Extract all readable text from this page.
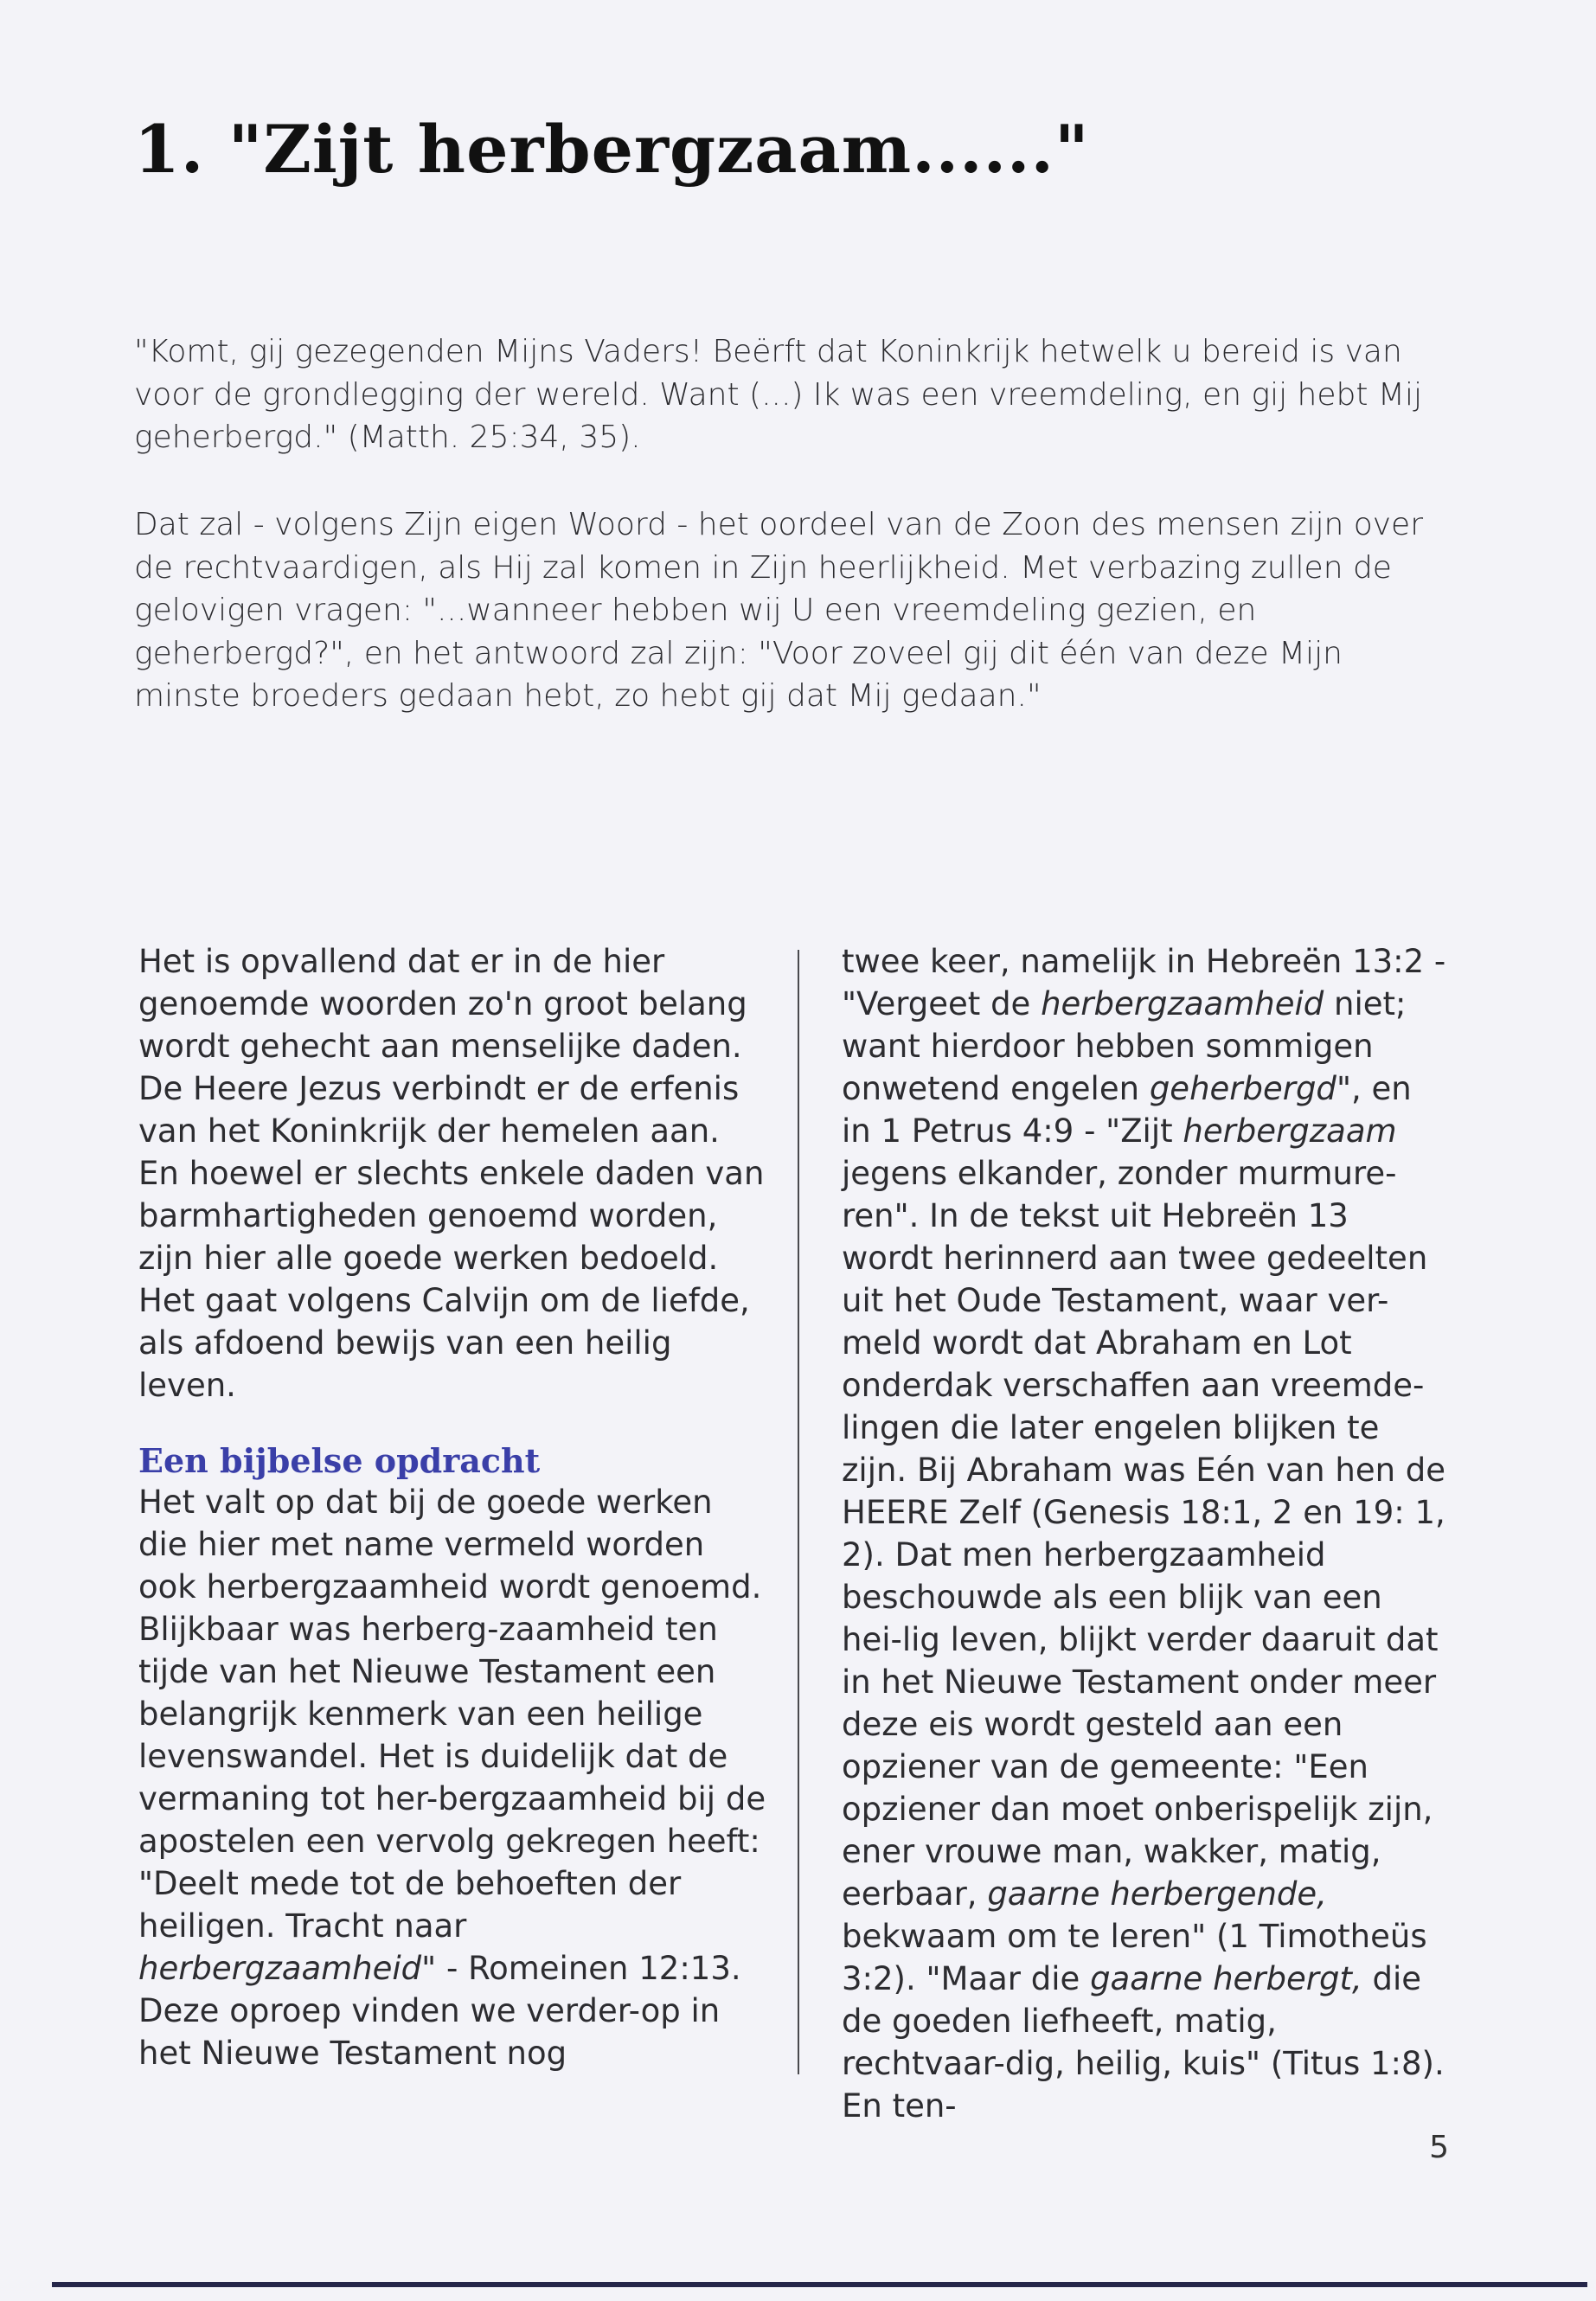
1. "Zijt herbergzaam......"

"Komt, gij gezegenden Mijns Vaders! Beërft dat Koninkrijk hetwelk u bereid is van voor de grondlegging der wereld. Want (...) Ik was een vreemdeling, en gij hebt Mij geherbergd." (Matth. 25:34, 35).

Dat zal - volgens Zijn eigen Woord - het oordeel van de Zoon des mensen zijn over de rechtvaardigen, als Hij zal komen in Zijn heerlijkheid. Met verbazing zullen de gelovigen vragen: "...wanneer hebben wij U een vreemdeling gezien, en geherbergd?", en het antwoord zal zijn: "Voor zoveel gij dit één van deze Mijn minste broeders gedaan hebt, zo hebt gij dat Mij gedaan."

Het is opvallend dat er in de hier genoemde woorden zo'n groot belang wordt gehecht aan menselijke daden. De Heere Jezus verbindt er de erfenis van het Koninkrijk der hemelen aan. En hoewel er slechts enkele daden van barmhartigheden genoemd worden, zijn hier alle goede werken bedoeld. Het gaat volgens Calvijn om de liefde, als afdoend bewijs van een heilig leven.

Een bijbelse opdracht

Het valt op dat bij de goede werken die hier met name vermeld worden ook herbergzaamheid wordt genoemd. Blijkbaar was herberg-zaamheid ten tijde van het Nieuwe Testament een belangrijk kenmerk van een heilige levenswandel. Het is duidelijk dat de vermaning tot her-bergzaamheid bij de apostelen een vervolg gekregen heeft: "Deelt mede tot de behoeften der heiligen. Tracht naar herbergzaamheid" - Romeinen 12:13. Deze oproep vinden we verder-op in het Nieuwe Testament nog

twee keer, namelijk in Hebreën 13:2 - "Vergeet de herbergzaamheid niet; want hierdoor hebben sommigen onwetend engelen geherbergd", en in 1 Petrus 4:9 - "Zijt herbergzaam jegens elkander, zonder murmure-ren". In de tekst uit Hebreën 13 wordt herinnerd aan twee gedeelten uit het Oude Testament, waar ver-meld wordt dat Abraham en Lot onderdak verschaffen aan vreemde-lingen die later engelen blijken te zijn. Bij Abraham was Eén van hen de HEERE Zelf (Genesis 18:1, 2 en 19: 1, 2). Dat men herbergzaamheid beschouwde als een blijk van een hei-lig leven, blijkt verder daaruit dat in het Nieuwe Testament onder meer deze eis wordt gesteld aan een opziener van de gemeente: "Een opziener dan moet onberispelijk zijn, ener vrouwe man, wakker, matig, eerbaar, gaarne herbergende, bekwaam om te leren" (1 Timotheüs 3:2). "Maar die gaarne herbergt, die de goeden liefheeft, matig, rechtvaar-dig, heilig, kuis" (Titus 1:8). En ten-

5
